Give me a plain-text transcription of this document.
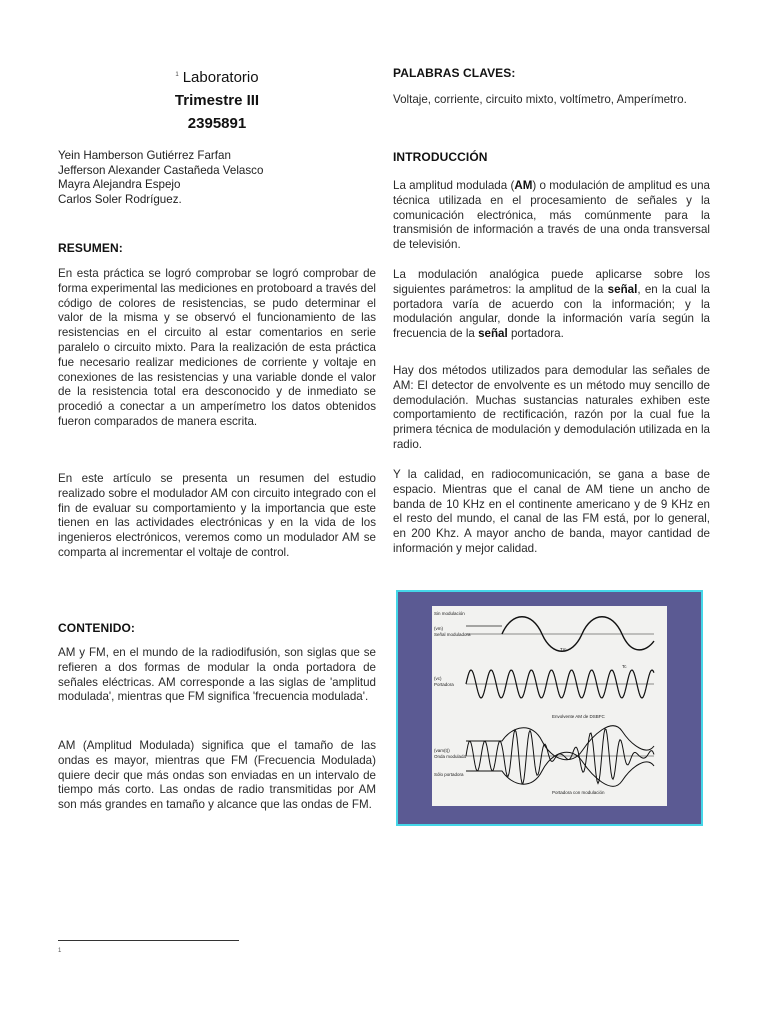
$^1$ Laboratorio
Trimestre III
2395891
Yein Hamberson Gutiérrez Farfan
Jefferson Alexander Castañeda Velasco
Mayra Alejandra Espejo
Carlos Soler Rodríguez.
RESUMEN:
En esta práctica se logró comprobar se logró comprobar de forma experimental las mediciones en protoboard a través del código de colores de resistencias, se pudo determinar el valor de la misma y se observó el funcionamiento de las resistencias en el circuito al estar comentarios en serie paralelo o circuito mixto. Para la realización de esta práctica fue necesario realizar mediciones de corriente y voltaje en conexiones de las resistencias y una variable donde el valor de la resistencia total era desconocido y de inmediato se procedió a conectar a un amperímetro los datos obtenidos fueron comparados de manera escrita.
En este artículo se presenta un resumen del estudio realizado sobre el modulador AM con circuito integrado con el fin de evaluar su comportamiento y la importancia que este tienen en las actividades electrónicas y en la vida de los ingenieros electrónicos, veremos como un modulador AM se comparta al incrementar el voltaje de control.
CONTENIDO:
AM y FM, en el mundo de la radiodifusión, son siglas que se refieren a dos formas de modular la onda portadora de señales eléctricas. AM corresponde a las siglas de 'amplitud modulada', mientras que FM significa 'frecuencia modulada'.
AM (Amplitud Modulada) significa que el tamaño de las ondas es mayor, mientras que FM (Frecuencia Modulada) quiere decir que más ondas son enviadas en un intervalo de tiempo más corto. Las ondas de radio transmitidas por AM son más grandes en tamaño y alcance que las ondas de FM.
PALABRAS CLAVES:
Voltaje, corriente, circuito mixto, voltímetro, Amperímetro.
INTRODUCCIÓN
La amplitud modulada (AM) o modulación de amplitud es una técnica utilizada en el procesamiento de señales y la comunicación electrónica, más comúnmente para la transmisión de información a través de una onda transversal de televisión.
La modulación analógica puede aplicarse sobre los siguientes parámetros: la amplitud de la señal, en la cual la portadora varía de acuerdo con la información; y la modulación angular, donde la información varía según la frecuencia de la señal portadora.
Hay dos métodos utilizados para demodular las señales de AM: El detector de envolvente es un método muy sencillo de demodulación. Muchas sustancias naturales exhiben este comportamiento de rectificación, razón por la cual fue la primera técnica de modulación y demodulación utilizada en la radio.
Y la calidad, en radiocomunicación, se gana a base de espacio. Mientras que el canal de AM tiene un ancho de banda de 10 KHz en el continente americano y de 9 KHz en el resto del mundo, el canal de las FM está, por lo general, en 200 Khz. A mayor ancho de banda, mayor cantidad de información y mejor calidad.
Sin modulación
(vm)
Señal moduladora
Tm
(vc)
Portadora
Tc
Envolvente AM de DSBFC
(vam(t))
Onda modulada
Sólo portadora
Portadora con modulación
1
